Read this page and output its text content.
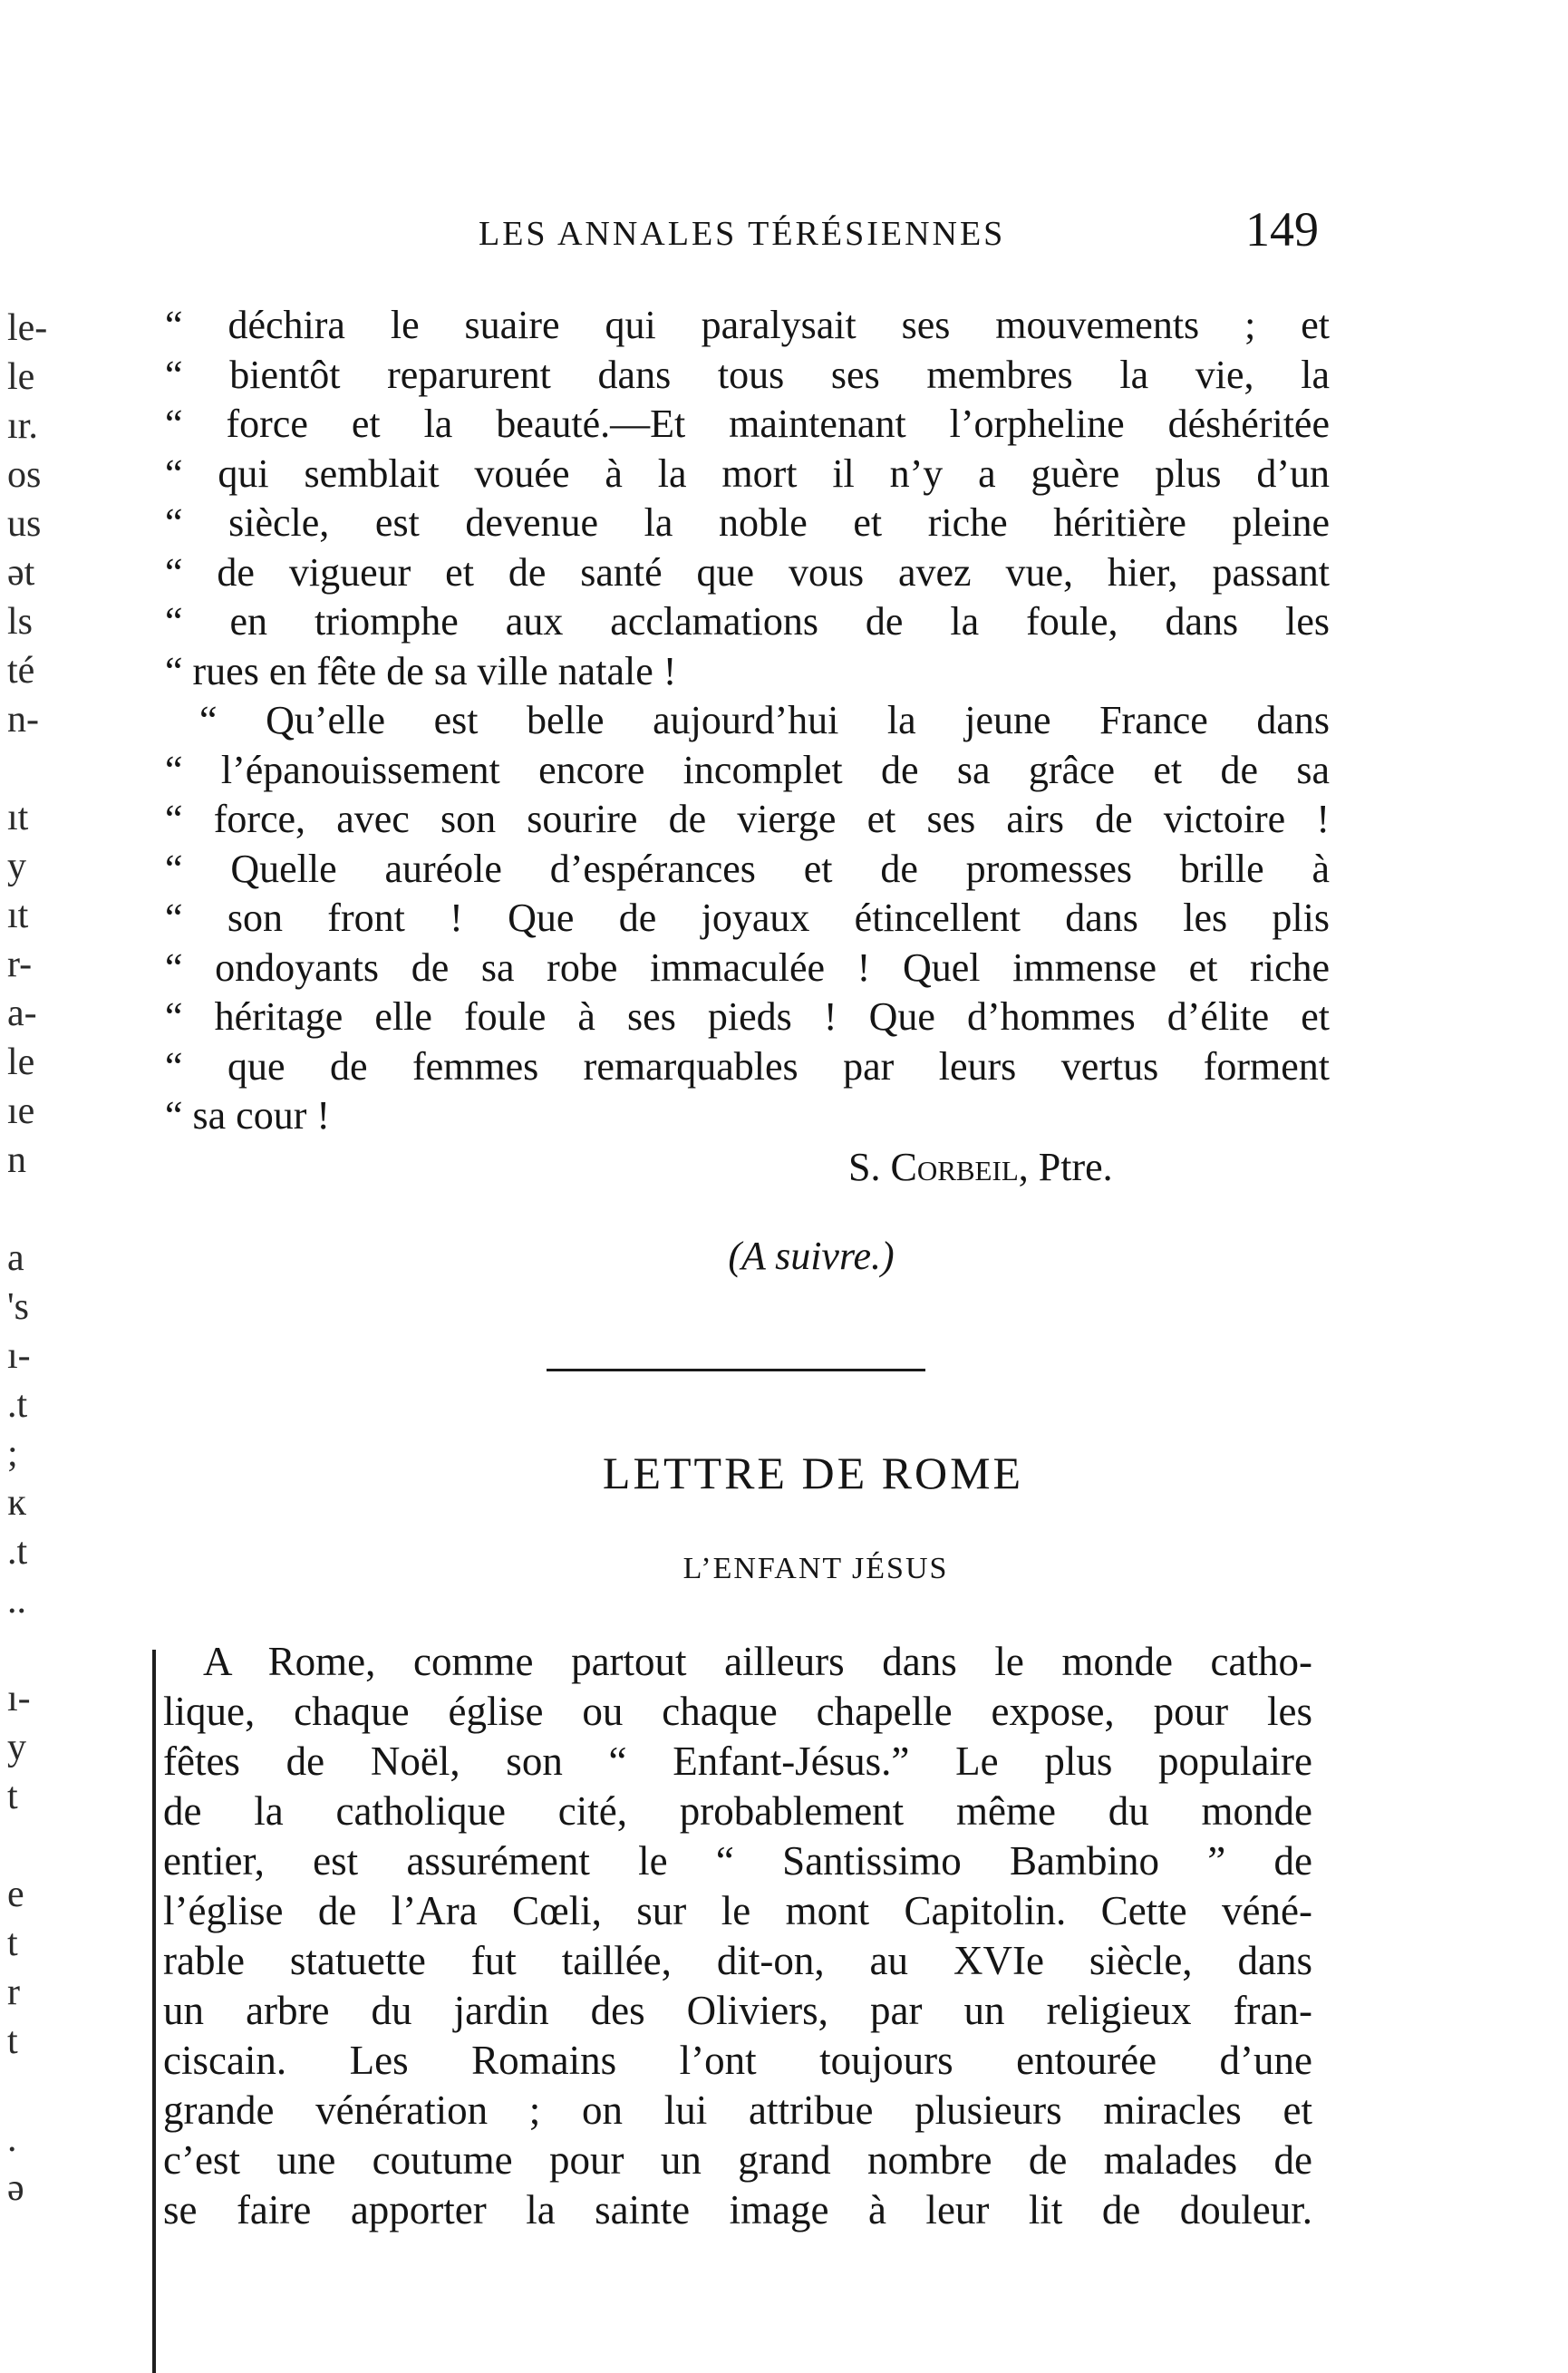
le-
le
ır.
os
us
ət
ls
té
n-
ıt
y
ıt
r-
a-
le
ıe
n
a
's
ı-
.t
;
ĸ
.t
..
ı-
y
t
e
t
r
t
.
ə
LES ANNALES TÉRÉSIENNES	149
“ déchira le suaire qui paralysait ses mouvements ; et
“ bientôt reparurent dans tous ses membres la vie, la
“ force et la beauté.—Et maintenant l’orpheline déshéritée
“ qui semblait vouée à la mort il n’y a guère plus d’un
“ siècle, est devenue la noble et riche héritière pleine
“ de vigueur et de santé que vous avez vue, hier, passant
“ en triomphe aux acclamations de la foule, dans les
“ rues en fête de sa ville natale !
“ Qu’elle est belle aujourd’hui la jeune France dans
“ l’épanouissement encore incomplet de sa grâce et de sa
“ force, avec son sourire de vierge et ses airs de victoire !
“ Quelle auréole d’espérances et de promesses brille à
“ son front ! Que de joyaux étincellent dans les plis
“ ondoyants de sa robe immaculée ! Quel immense et riche
“ héritage elle foule à ses pieds ! Que d’hommes d’élite et
“ que de femmes remarquables par leurs vertus forment
“ sa cour !
S. Corbeil, Ptre.
(A suivre.)
LETTRE DE ROME
L’ENFANT JÉSUS
A Rome, comme partout ailleurs dans le monde catho-
lique, chaque église ou chaque chapelle expose, pour les
fêtes de Noël, son “ Enfant-Jésus.” Le plus populaire
de la catholique cité, probablement même du monde
entier, est assurément le “ Santissimo Bambino ” de
l’église de l’Ara Cœli, sur le mont Capitolin. Cette véné-
rable statuette fut taillée, dit-on, au XVIe siècle, dans
un arbre du jardin des Oliviers, par un religieux fran-
ciscain. Les Romains l’ont toujours entourée d’une
grande vénération ; on lui attribue plusieurs miracles et
c’est une coutume pour un grand nombre de malades de
se faire apporter la sainte image à leur lit de douleur.
